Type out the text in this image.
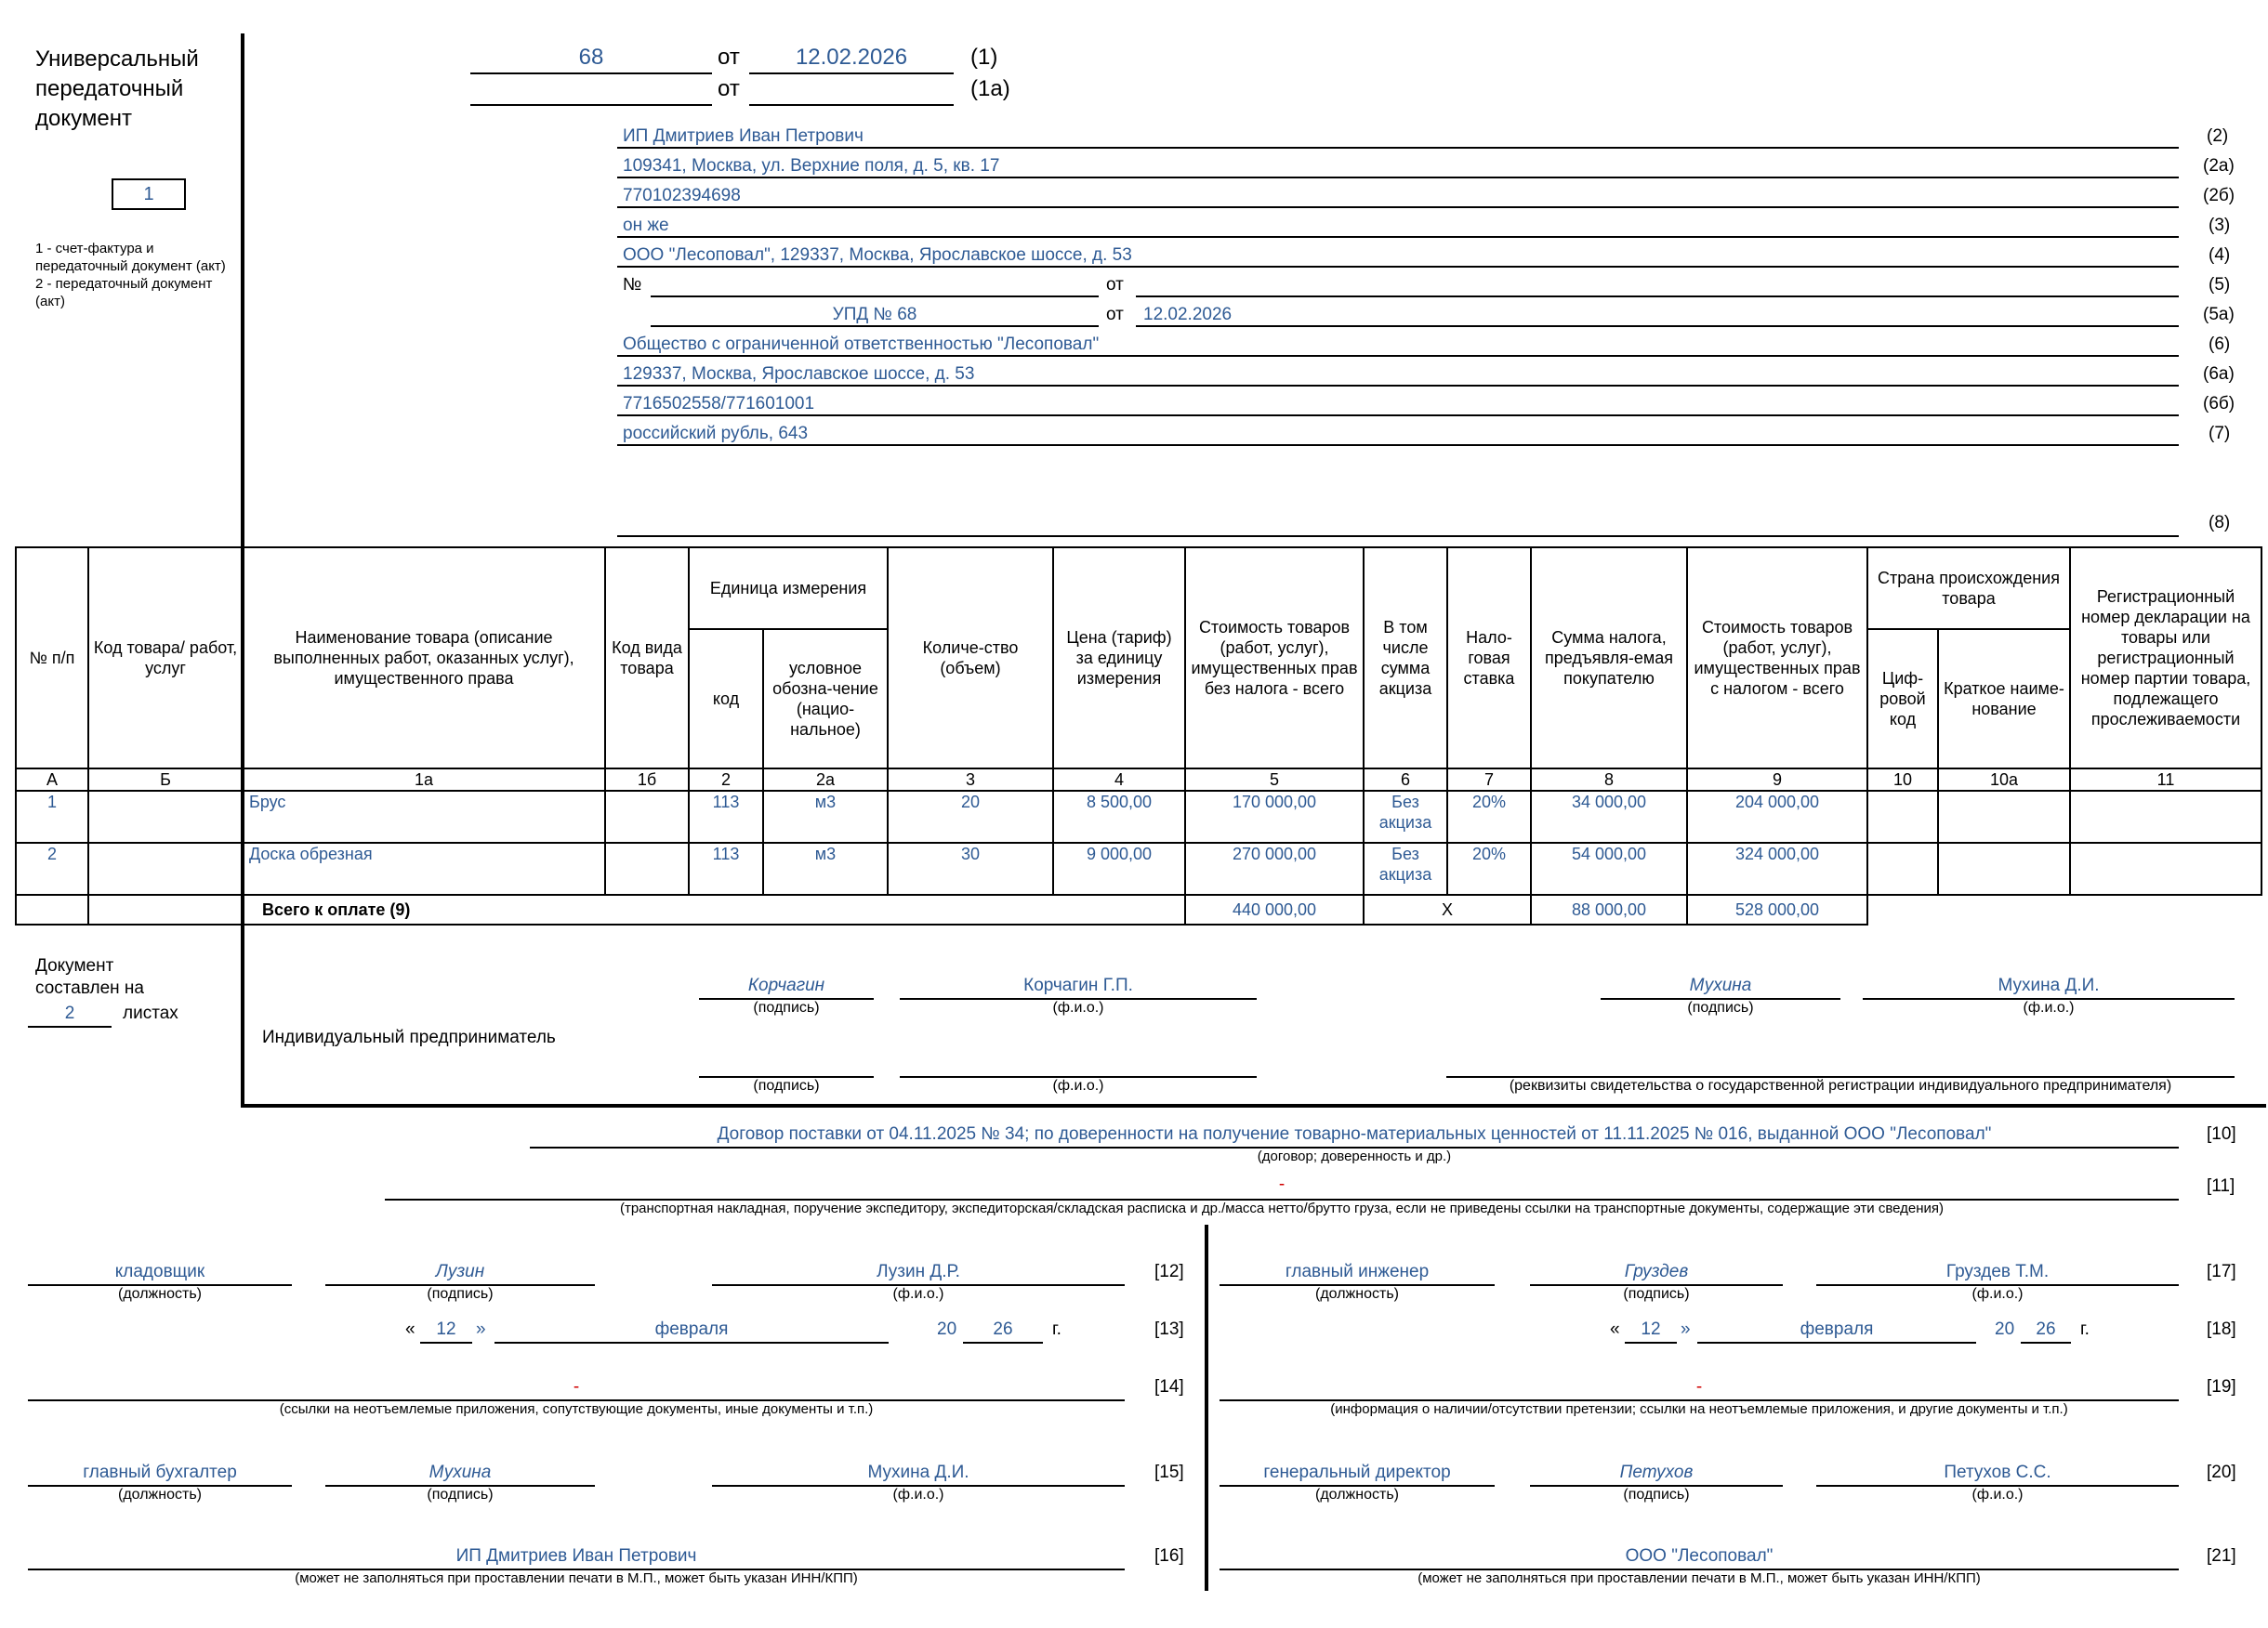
Универсальный передаточный документ
1
1 - счет-фактура и передаточный документ (акт)
2 - передаточный документ (акт)
68	от	12.02.2026	(1)
от	(1а)
ИП Дмитриев Иван Петрович	(2)
109341, Москва, ул. Верхние поля, д. 5, кв. 17	(2а)
770102394698	(2б)
он же	(3)
ООО "Лесоповал", 129337, Москва, Ярославское шоссе, д. 53	(4)
№	от	(5)
УПД № 68	от 12.02.2026	(5а)
Общество с ограниченной ответственностью "Лесоповал"	(6)
129337, Москва, Ярославское шоссе, д. 53	(6а)
7716502558/771601001	(6б)
российский рубль, 643	(7)
(8)
№ п/п	Код товара/ работ, услуг	Наименование товара (описание выполненных работ, оказанных услуг), имущественного права	Код вида товара	Единица измерения		Количе-ство (объем)	Цена (тариф) за единицу измерения	Стоимость товаров (работ, услуг), имущественных прав без налога - всего	В том числе сумма акциза	Нало-говая ставка	Сумма налога, предъявля-емая покупателю	Стоимость товаров (работ, услуг), имущественных прав с налогом - всего	Страна происхождения товара		Регистрационный номер декларации на товары или регистрационный номер партии товара, подлежащего прослеживаемости
				код	условное обозна-чение (нацио-нальное)								Циф-ровой код	Краткое наиме-нование	
А	Б	1а	1б	2	2а	3	4	5	6	7	8	9	10	10а	11
1		Брус		113	м3	20	8 500,00	170 000,00	Без акциза	20%	34 000,00	204 000,00			
2		Доска обрезная		113	м3	30	9 000,00	270 000,00	Без акциза	20%	54 000,00	324 000,00			
		Всего к оплате (9)						440 000,00	X		88 000,00	528 000,00			
Документ составлен на
2	листах
Индивидуальный предприниматель
Корчагин
(подпись)
Корчагин Г.П.
(ф.и.о.)
Мухина
(подпись)
Мухина Д.И.
(ф.и.о.)
(подпись)	(ф.и.о.)	(реквизиты свидетельства о государственной регистрации индивидуального предпринимателя)
Договор поставки от 04.11.2025 № 34; по доверенности на получение товарно-материальных ценностей от 11.11.2025 № 016, выданной ООО "Лесоповал"
(договор; доверенность и др.)
[10]
-
(транспортная накладная, поручение экспедитору, экспедиторская/складская расписка и др./масса нетто/брутто груза, если не приведены ссылки на транспортные документы, содержащие эти сведения)
[11]
кладовщик
(должность)
Лузин
(подпись)
Лузин Д.Р.
(ф.и.о.)
[12]
«	12	»	февраля	20	26	г.	[13]
-
(ссылки на неотъемлемые приложения, сопутствующие документы, иные документы и т.п.)
[14]
главный бухгалтер
(должность)
Мухина
(подпись)
Мухина Д.И.
(ф.и.о.)
[15]
ИП Дмитриев Иван Петрович
(может не заполняться при проставлении печати в М.П., может быть указан ИНН/КПП)
[16]
главный инженер
(должность)
Груздев
(подпись)
Груздев Т.М.
(ф.и.о.)
[17]
«	12	»	февраля	20	26	г.	[18]
-
(информация о наличии/отсутствии претензии; ссылки на неотъемлемые приложения, и другие документы и т.п.)
[19]
генеральный директор
(должность)
Петухов
(подпись)
Петухов С.С.
(ф.и.о.)
[20]
ООО "Лесоповал"
(может не заполняться при проставлении печати в М.П., может быть указан ИНН/КПП)
[21]
